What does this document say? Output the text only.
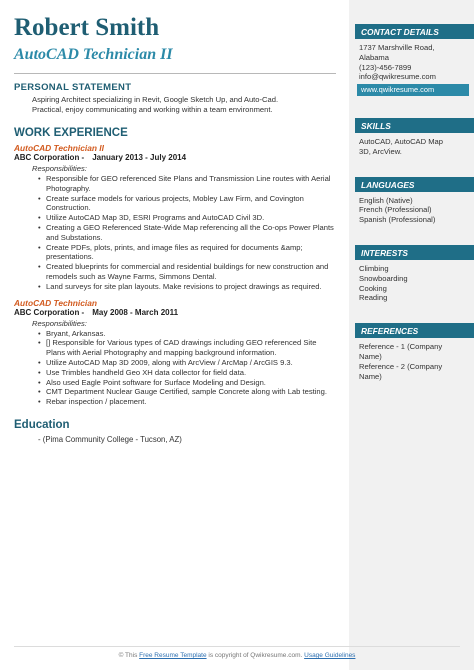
Robert Smith
AutoCAD Technician II
PERSONAL STATEMENT
Aspiring Architect specializing in Revit, Google Sketch Up, and Auto-Cad.
Practical, enjoy communicating and working within a team environment.
WORK EXPERIENCE
AutoCAD Technician II
ABC Corporation - January 2013 - July 2014
Responsibilities:
• Responsible for GEO referenced Site Plans and Transmission Line routes with Aerial Photography.
• Create surface models for various projects, Mobley Law Firm, and Covington Construction.
• Utilize AutoCAD Map 3D, ESRI Programs and AutoCAD Civil 3D.
• Creating a GEO Referenced State-Wide Map referencing all the Co-ops Power Plants and Substations.
• Create PDFs, plots, prints, and image files as required for documents &amp; presentations.
• Created blueprints for commercial and residential buildings for new construction and remodels such as Wayne Farms, Simmons Dental.
• Land surveys for site plan layouts. Make revisions to project drawings as required.
AutoCAD Technician
ABC Corporation - May 2008 - March 2011
Responsibilities:
• Bryant, Arkansas.
• [] Responsible for Various types of CAD drawings including GEO referenced Site Plans with Aerial Photography and mapping background information.
• Utilize AutoCAD Map 3D 2009, along with ArcView / ArcMap / ArcGIS 9.3.
• Use Trimbles handheld Geo XH data collector for field data.
• Also used Eagle Point software for Surface Modeling and Design.
• CMT Department Nuclear Gauge Certified, sample Concrete along with Lab testing.
• Rebar inspection / placement.
Education
- (Pima Community College - Tucson, AZ)
CONTACT DETAILS
1737 Marshville Road,
Alabama
(123)-456-7899
info@qwikresume.com
www.qwikresume.com
SKILLS
AutoCAD, AutoCAD Map
3D, ArcView.
LANGUAGES
English (Native)
French (Professional)
Spanish (Professional)
INTERESTS
Climbing
Snowboarding
Cooking
Reading
REFERENCES
Reference - 1 (Company
Name)
Reference - 2 (Company
Name)
© This Free Resume Template is copyright of Qwikresume.com. Usage Guidelines
